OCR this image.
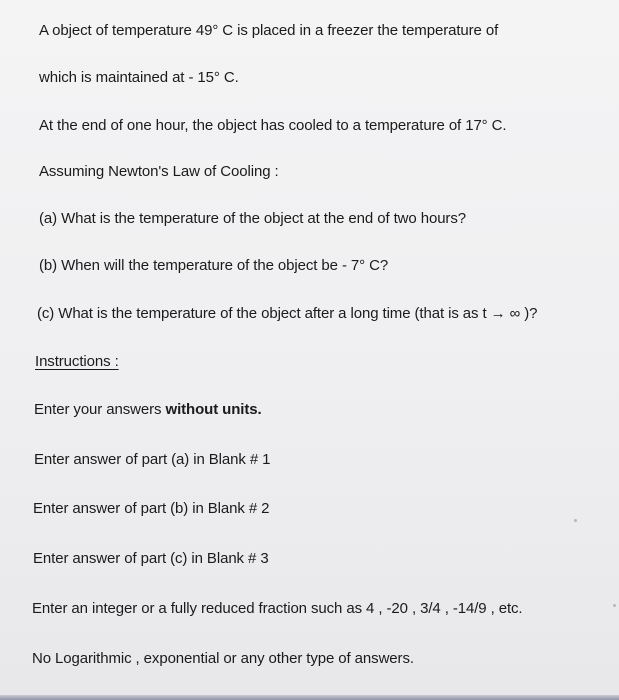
A object of temperature 49° C is placed in a freezer the temperature of
which is maintained at - 15° C.
At the end of one hour, the object has cooled to a temperature of 17° C.
Assuming Newton's Law of Cooling :
(a) What is the temperature of the object at the end of two hours?
(b) When will the temperature of the object be - 7° C?
(c) What is the temperature of the object after a long time (that is as t → ∞ )?
Instructions :
Enter your answers without units.
Enter answer of part (a) in Blank # 1
Enter answer of part (b) in Blank # 2
Enter answer of part (c) in Blank # 3
Enter an integer or a fully reduced fraction such as 4 , -20 , 3/4 , -14/9 , etc.
No Logarithmic , exponential or any other type of answers.
